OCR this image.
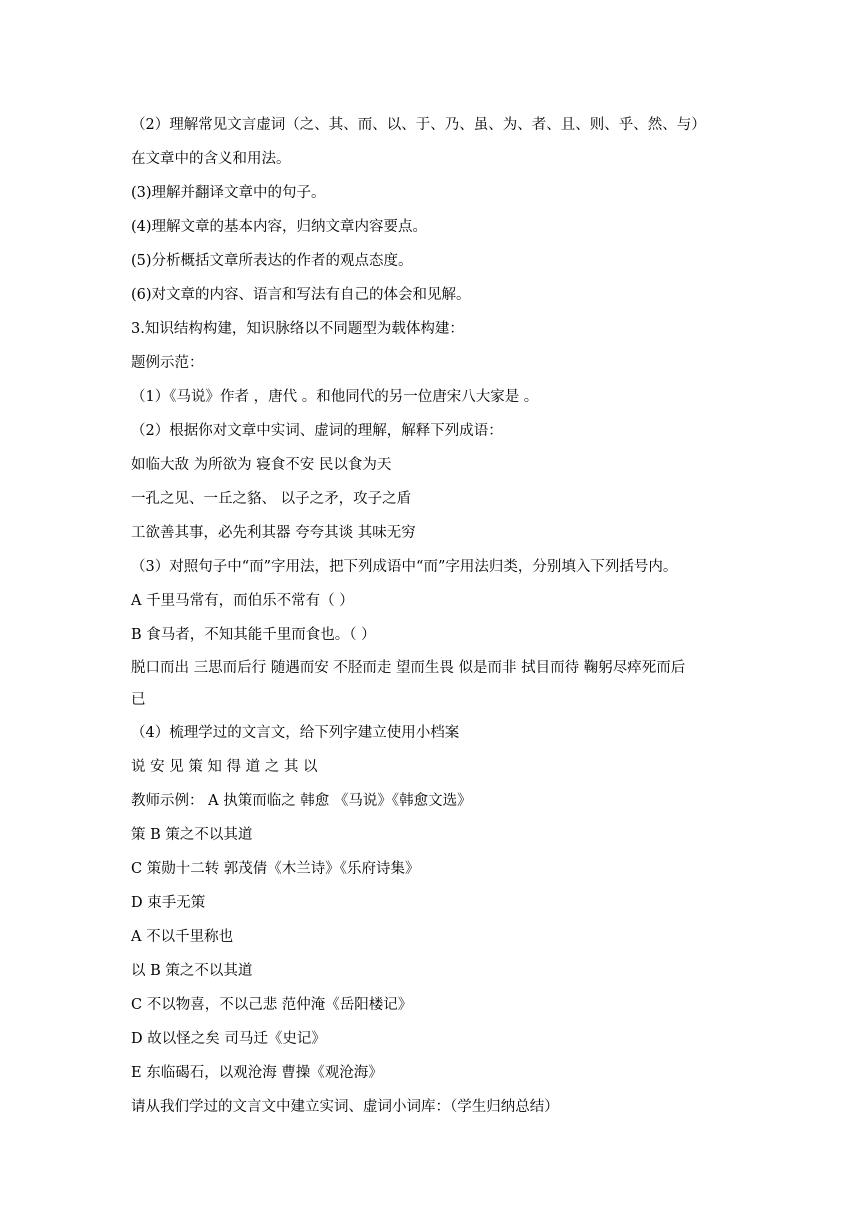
（2）理解常见文言虚词（之、其、而、以、于、乃、虽、为、者、且、则、乎、然、与）
在文章中的含义和用法。
(3)理解并翻译文章中的句子。
(4)理解文章的基本内容，归纳文章内容要点。
(5)分析概括文章所表达的作者的观点态度。
(6)对文章的内容、语言和写法有自己的体会和见解。
3.知识结构构建，知识脉络以不同题型为载体构建：
题例示范：
（1）《马说》作者 ，唐代 。和他同代的另一位唐宋八大家是 。
（2）根据你对文章中实词、虚词的理解，解释下列成语：
如临大敌 为所欲为 寝食不安 民以食为天
一孔之见、一丘之貉、 以子之矛，攻子之盾
工欲善其事，必先利其器 夸夸其谈 其味无穷
（3）对照句子中“而”字用法，把下列成语中“而”字用法归类，分别填入下列括号内。
A 千里马常有，而伯乐不常有（ ）
B 食马者，不知其能千里而食也。（ ）
脱口而出 三思而后行 随遇而安 不胫而走 望而生畏 似是而非 拭目而待 鞠躬尽瘁死而后
已
（4）梳理学过的文言文，给下列字建立使用小档案
说 安 见 策 知 得 道 之 其 以
教师示例： A 执策而临之 韩愈 《马说》《韩愈文选》
策 B 策之不以其道
C 策勋十二转 郭茂倩《木兰诗》《乐府诗集》
D 束手无策
A 不以千里称也
以 B 策之不以其道
C 不以物喜，不以己悲 范仲淹《岳阳楼记》
D 故以怪之矣 司马迁《史记》
E 东临碣石，以观沧海 曹操《观沧海》
请从我们学过的文言文中建立实词、虚词小词库：（学生归纳总结）
